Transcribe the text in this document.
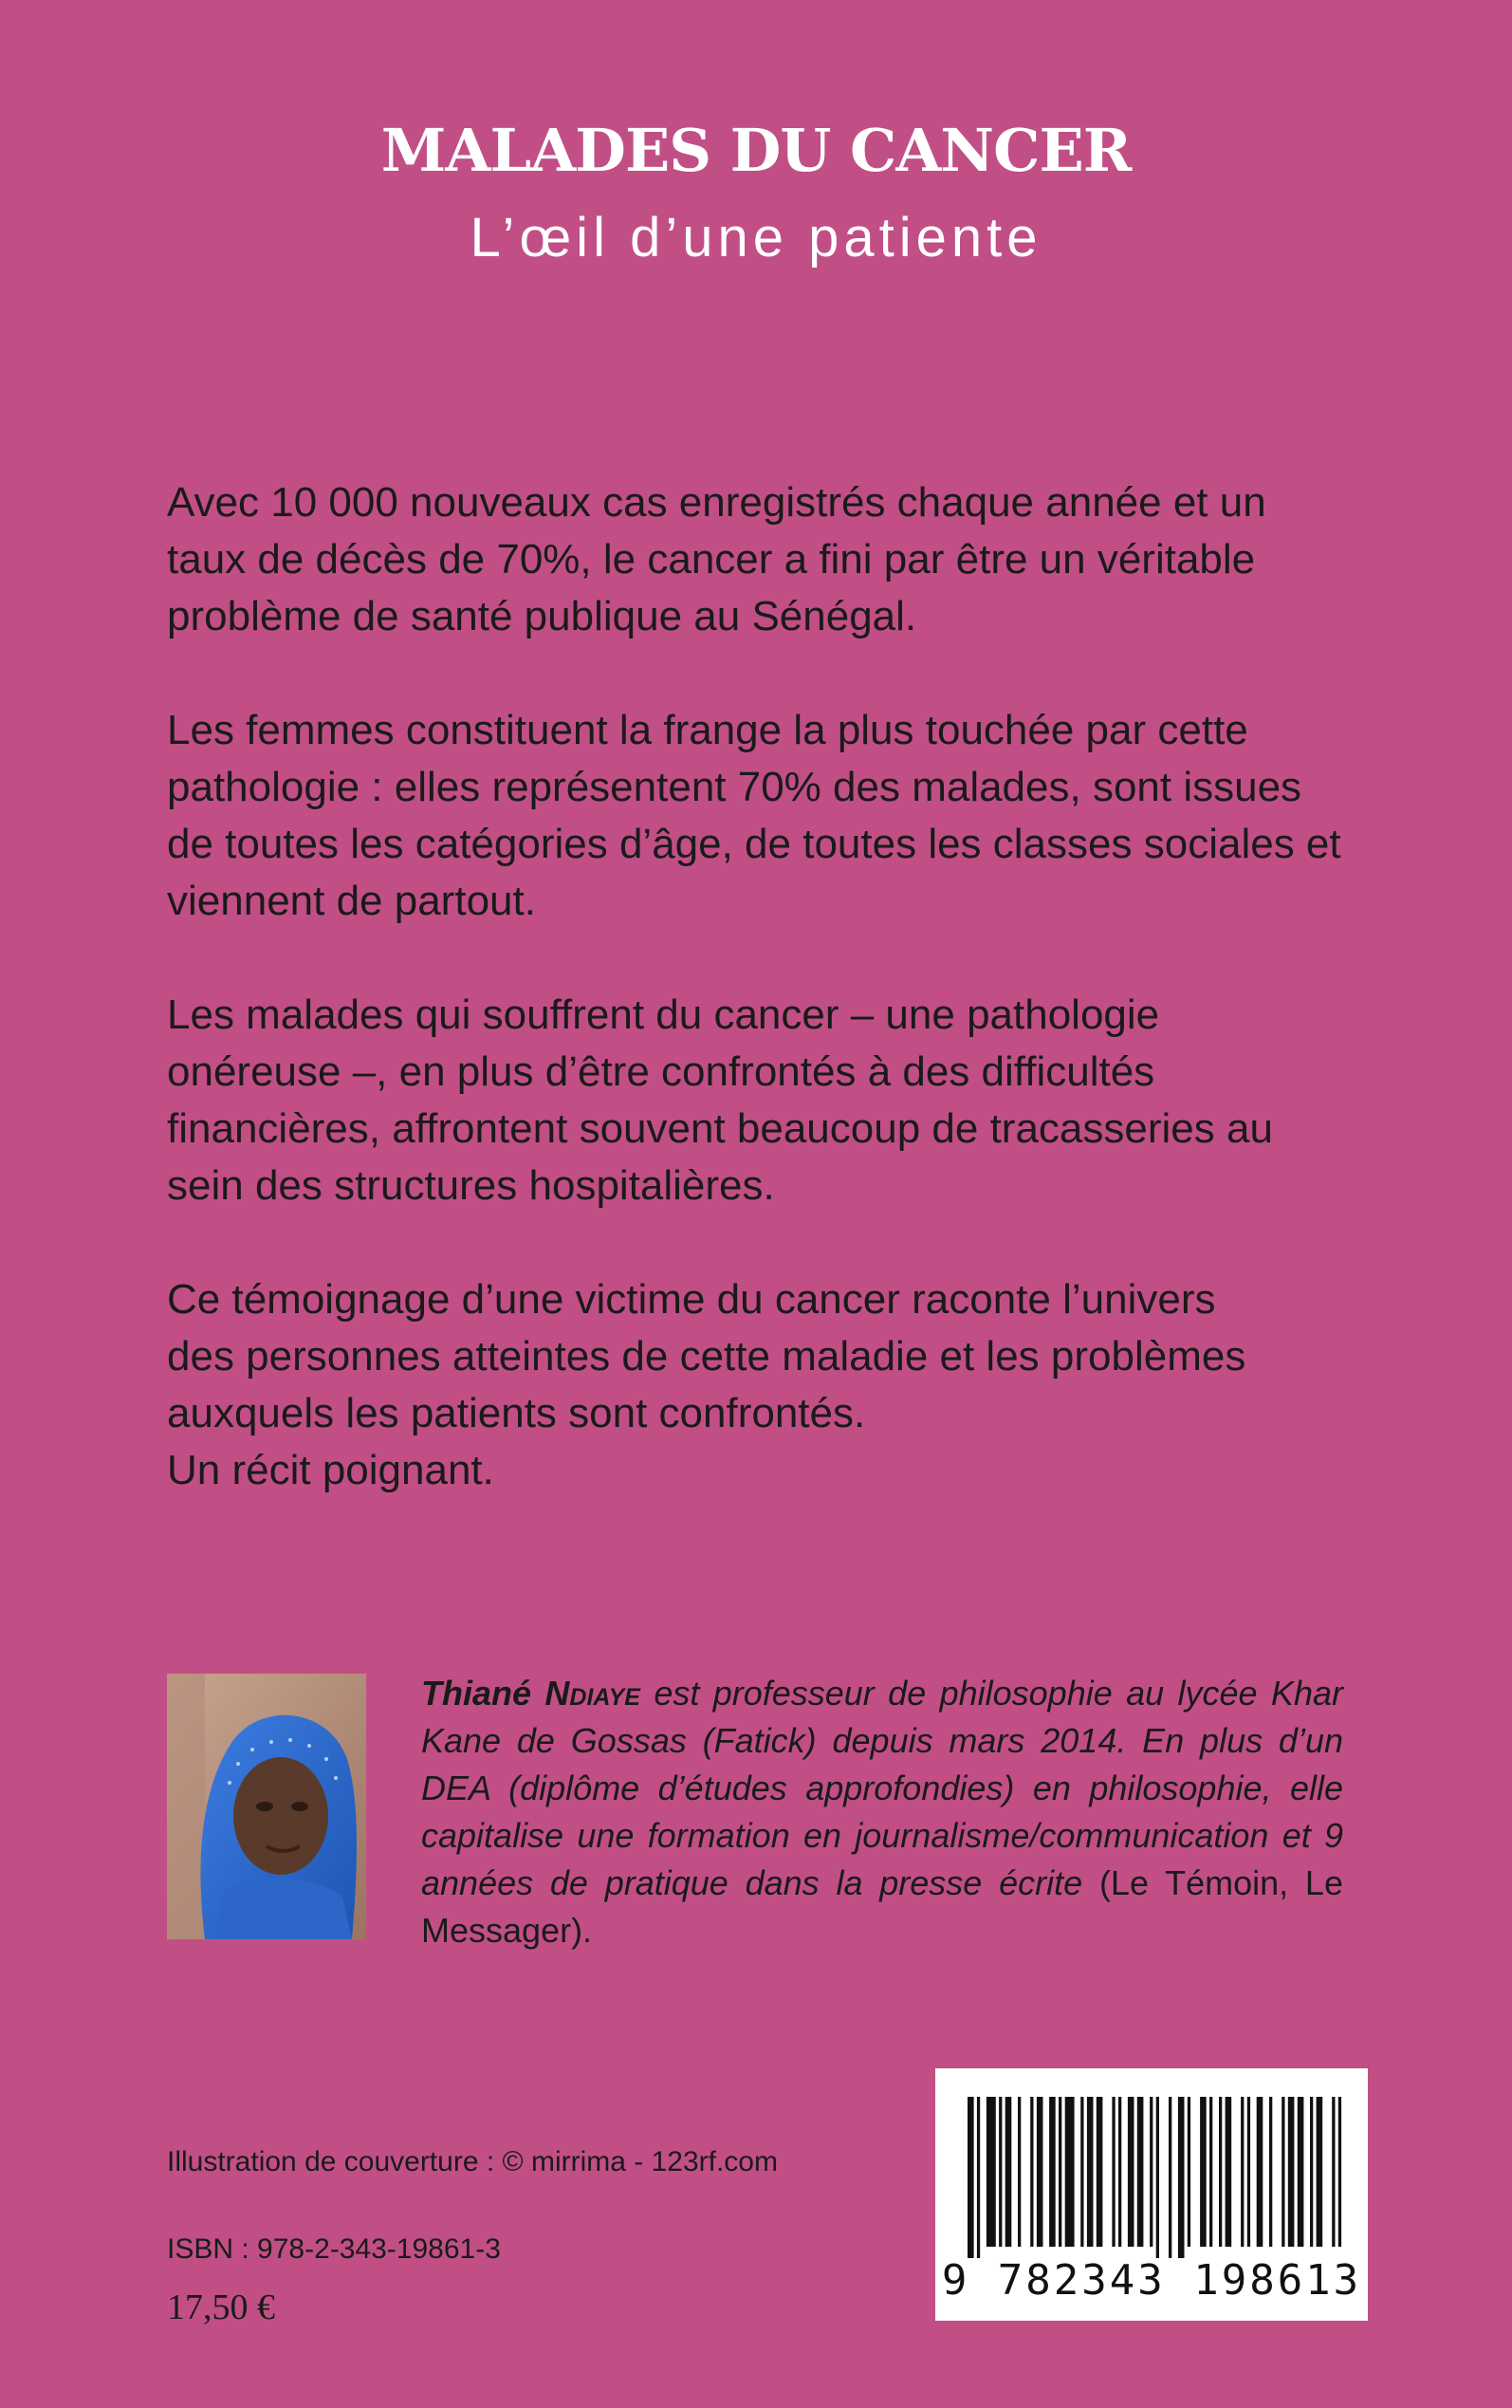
MALADES DU CANCER
L’œil d’une patiente

Avec 10 000 nouveaux cas enregistrés chaque année et un
taux de décès de 70%, le cancer a fini par être un véritable
problème de santé publique au Sénégal.

Les femmes constituent la frange la plus touchée par cette
pathologie : elles représentent 70% des malades, sont issues
de toutes les catégories d’âge, de toutes les classes sociales et
viennent de partout.

Les malades qui souffrent du cancer – une pathologie
onéreuse –, en plus d’être confrontés à des difficultés
financières, affrontent souvent beaucoup de tracasseries au
sein des structures hospitalières.

Ce témoignage d’une victime du cancer raconte l’univers
des personnes atteintes de cette maladie et les problèmes
auxquels les patients sont confrontés.
Un récit poignant.

Thiané Ndiaye est professeur de philosophie au lycée Khar Kane de Gossas (Fatick) depuis mars 2014. En plus d’un DEA (diplôme d’études approfondies) en philosophie, elle capitalise une formation en journalisme/communication et 9 années de pratique dans la presse écrite (Le Témoin, Le Messager).
Illustration de couverture : © mirrima - 123rf.com
ISBN : 978-2-343-19861-3
17,50 €
9 782343 198613
